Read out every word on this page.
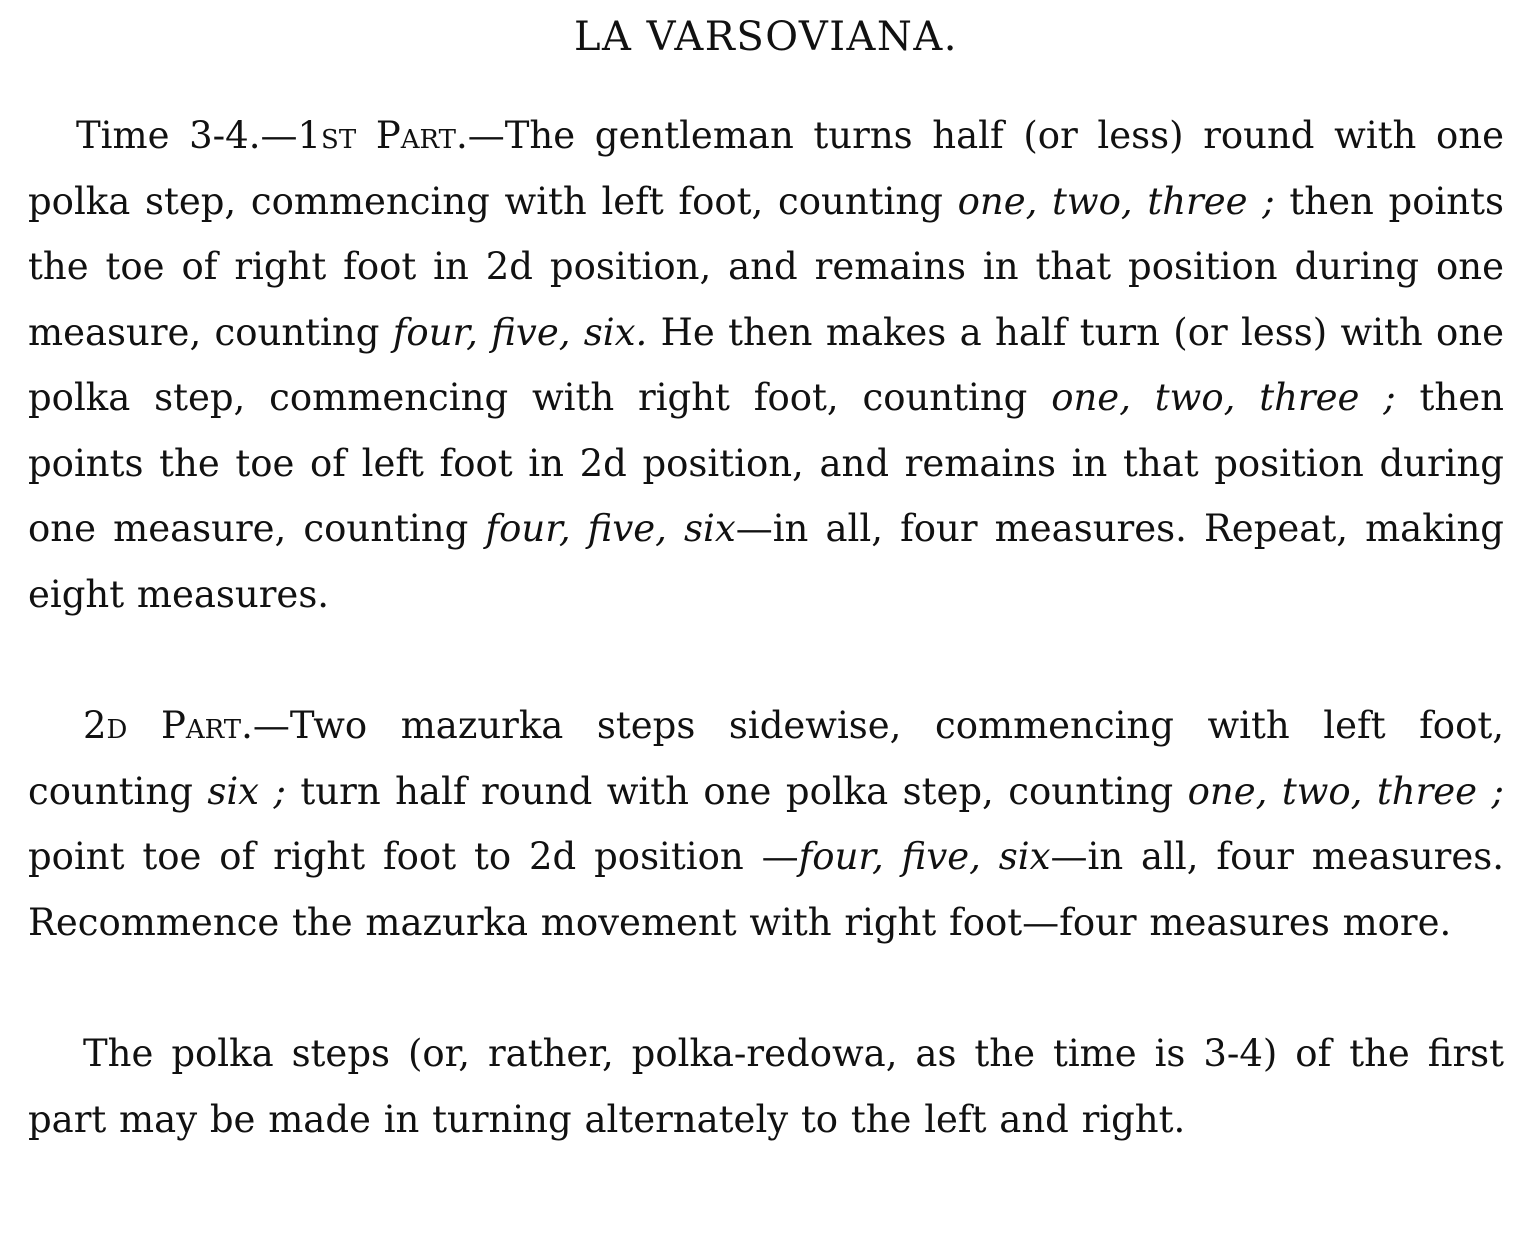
LA VARSOVIANA.

Time 3-4.—1st Part.—The gentleman turns half (or less) round with one polka step, commencing with left foot, counting one, two, three ; then points the toe of right foot in 2d position, and remains in that position during one measure, counting four, five, six. He then makes a half turn (or less) with one polka step, commencing with right foot, counting one, two, three ; then points the toe of left foot in 2d position, and remains in that position during one measure, counting four, five, six—in all, four measures. Repeat, making eight measures.

2d Part.—Two mazurka steps sidewise, commencing with left foot, counting six ; turn half round with one polka step, counting one, two, three ; point toe of right foot to 2d position —four, five, six—in all, four measures. Recommence the mazurka movement with right foot—four measures more.

The polka steps (or, rather, polka-redowa, as the time is 3-4) of the first part may be made in turning alternately to the left and right.
